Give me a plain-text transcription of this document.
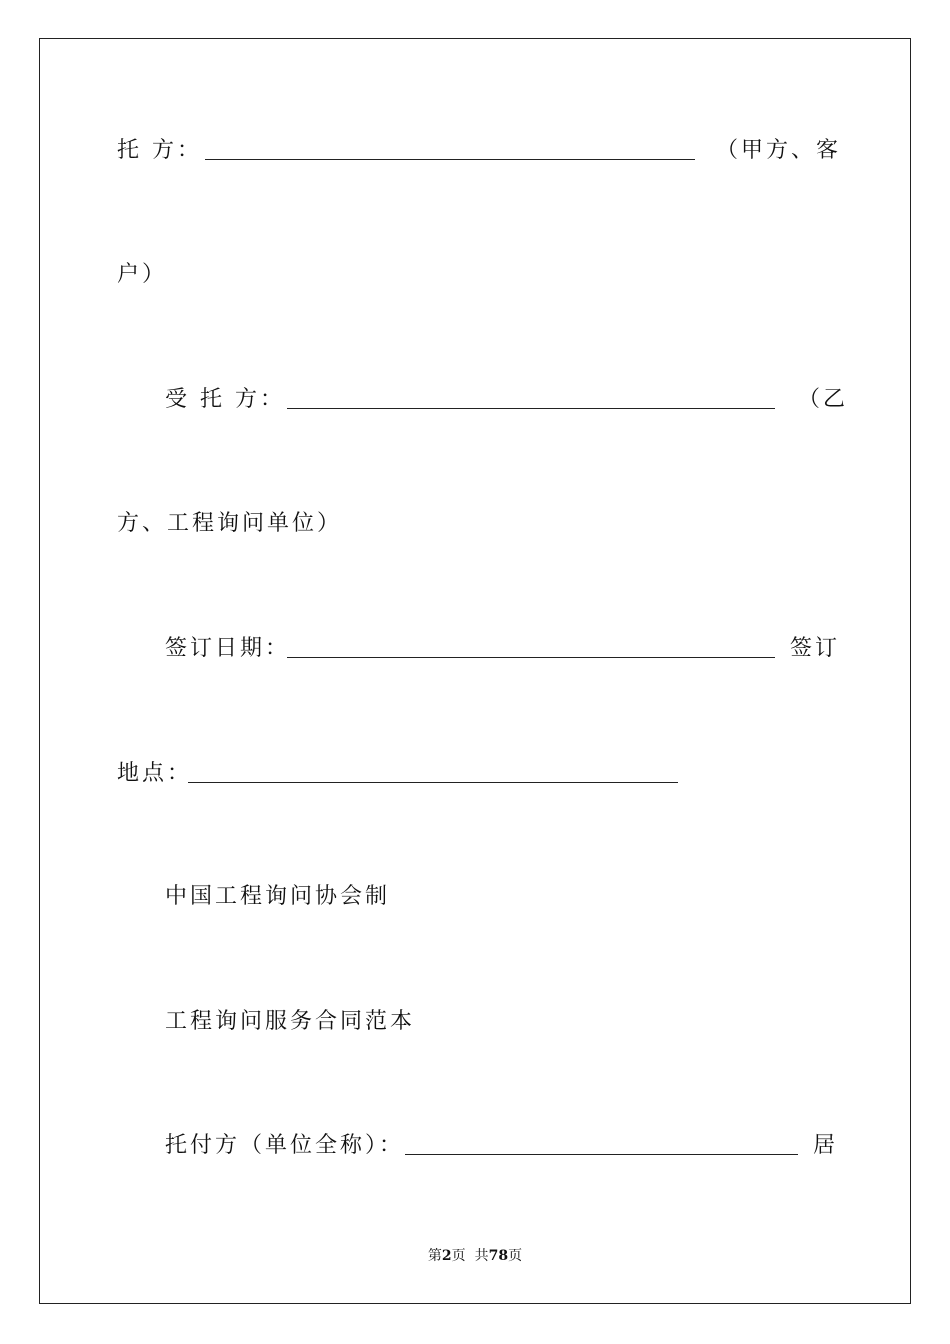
托 方：	（甲方、客
户）
受 托 方：	（乙
方、工程询问单位）
签订日期：	签订
地点：
中国工程询问协会制
工程询问服务合同范本
托付方（单位全称）：	居
第2页  共78页
